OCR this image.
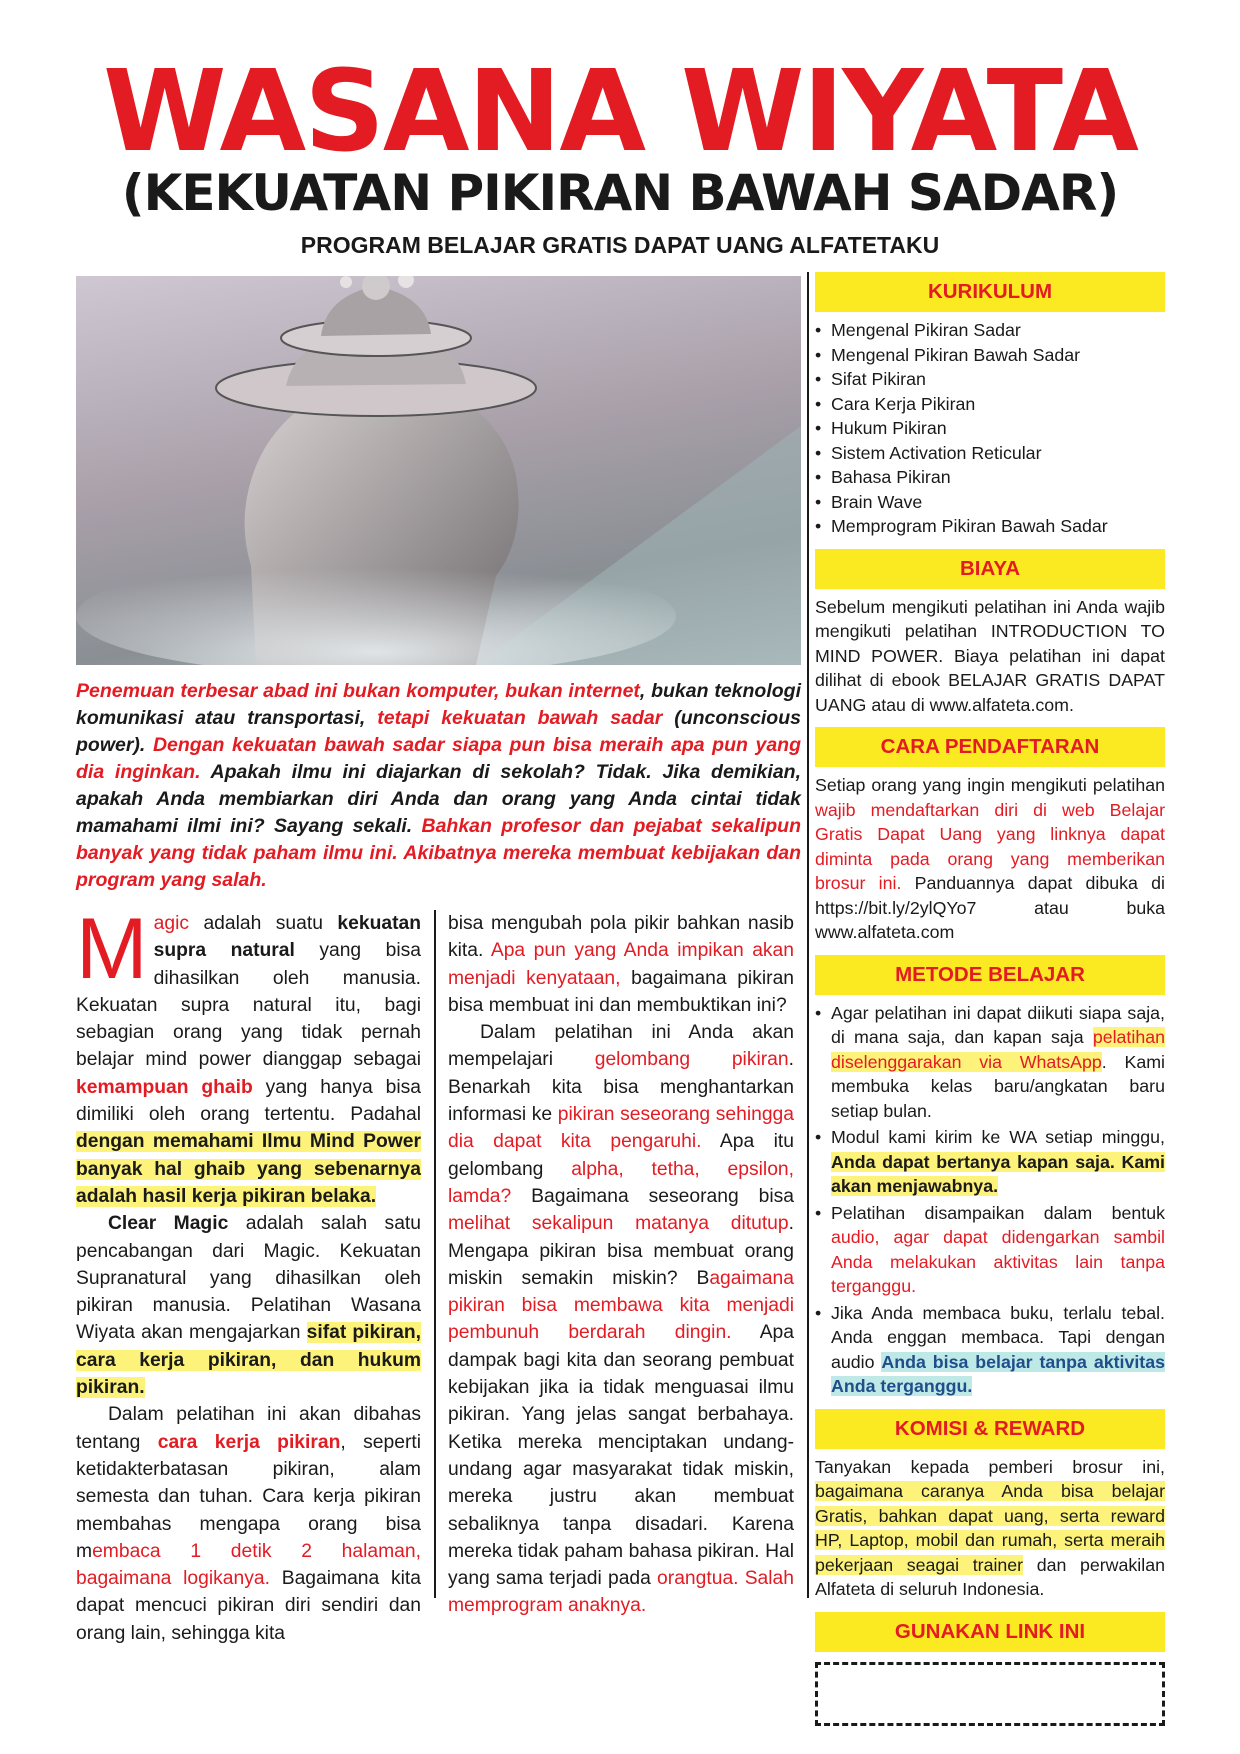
WASANA WIYATA
(KEKUATAN PIKIRAN BAWAH SADAR)
PROGRAM BELAJAR GRATIS DAPAT UANG ALFATETAKU
Penemuan terbesar abad ini bukan komputer, bukan internet, bukan teknologi komunikasi atau transportasi, tetapi kekuatan bawah sadar (unconscious power). Dengan kekuatan bawah sadar siapa pun bisa meraih apa pun yang dia inginkan. Apakah ilmu ini diajarkan di sekolah? Tidak. Jika demikian, apakah Anda membiarkan diri Anda dan orang yang Anda cintai tidak mamahami ilmi ini? Sayang sekali. Bahkan profesor dan pejabat sekalipun banyak yang tidak paham ilmu ini. Akibatnya mereka membuat kebijakan dan program yang salah.

Magic adalah suatu kekuatan supra natural yang bisa dihasilkan oleh manusia. Kekuatan supra natural itu, bagi sebagian orang yang tidak pernah belajar mind power dianggap sebagai kemampuan ghaib yang hanya bisa dimiliki oleh orang tertentu. Padahal dengan memahami Ilmu Mind Power banyak hal ghaib yang sebenarnya adalah hasil kerja pikiran belaka.

Clear Magic adalah salah satu pencabangan dari Magic. Kekuatan Supranatural yang dihasilkan oleh pikiran manusia. Pelatihan Wasana Wiyata akan mengajarkan sifat pikiran, cara kerja pikiran, dan hukum pikiran.

Dalam pelatihan ini akan dibahas tentang cara kerja pikiran, seperti ketidakterbatasan pikiran, alam semesta dan tuhan. Cara kerja pikiran membahas mengapa orang bisa membaca 1 detik 2 halaman, bagaimana logikanya. Bagaimana kita dapat mencuci pikiran diri sendiri dan orang lain, sehingga kita

bisa mengubah pola pikir bahkan nasib kita. Apa pun yang Anda impikan akan menjadi kenyataan, bagaimana pikiran bisa membuat ini dan membuktikan ini?

Dalam pelatihan ini Anda akan mempelajari gelombang pikiran. Benarkah kita bisa menghantarkan informasi ke pikiran seseorang sehingga dia dapat kita pengaruhi. Apa itu gelombang alpha, tetha, epsilon, lamda? Bagaimana seseorang bisa melihat sekalipun matanya ditutup. Mengapa pikiran bisa membuat orang miskin semakin miskin? Bagaimana pikiran bisa membawa kita menjadi pembunuh berdarah dingin. Apa dampak bagi kita dan seorang pembuat kebijakan jika ia tidak menguasai ilmu pikiran. Yang jelas sangat berbahaya. Ketika mereka menciptakan undang-undang agar masyarakat tidak miskin, mereka justru akan membuat sebaliknya tanpa disadari. Karena mereka tidak paham bahasa pikiran. Hal yang sama terjadi pada orangtua. Salah memprogram anaknya.

KURIKULUM
• Mengenal Pikiran Sadar
• Mengenal Pikiran Bawah Sadar
• Sifat Pikiran
• Cara Kerja Pikiran
• Hukum Pikiran
• Sistem Activation Reticular
• Bahasa Pikiran
• Brain Wave
• Memprogram Pikiran Bawah Sadar
BIAYA
Sebelum mengikuti pelatihan ini Anda wajib mengikuti pelatihan INTRODUCTION TO MIND POWER. Biaya pelatihan ini dapat dilihat di ebook BELAJAR GRATIS DAPAT UANG atau di www.alfateta.com.
CARA PENDAFTARAN
Setiap orang yang ingin mengikuti pelatihan wajib mendaftarkan diri di web Belajar Gratis Dapat Uang yang linknya dapat diminta pada orang yang memberikan brosur ini. Panduannya dapat dibuka di https://bit.ly/2ylQYo7 atau buka www.alfateta.com
METODE BELAJAR
• Agar pelatihan ini dapat diikuti siapa saja, di mana saja, dan kapan saja pelatihan diselenggarakan via WhatsApp. Kami membuka kelas baru/angkatan baru setiap bulan.
• Modul kami kirim ke WA setiap minggu, Anda dapat bertanya kapan saja. Kami akan menjawabnya.
• Pelatihan disampaikan dalam bentuk audio, agar dapat didengarkan sambil Anda melakukan aktivitas lain tanpa terganggu.
• Jika Anda membaca buku, terlalu tebal. Anda enggan membaca. Tapi dengan audio Anda bisa belajar tanpa aktivitas Anda terganggu.
KOMISI & REWARD
Tanyakan kepada pemberi brosur ini, bagaimana caranya Anda bisa belajar Gratis, bahkan dapat uang, serta reward HP, Laptop, mobil dan rumah, serta meraih pekerjaan seagai trainer dan perwakilan Alfateta di seluruh Indonesia.
GUNAKAN LINK INI
